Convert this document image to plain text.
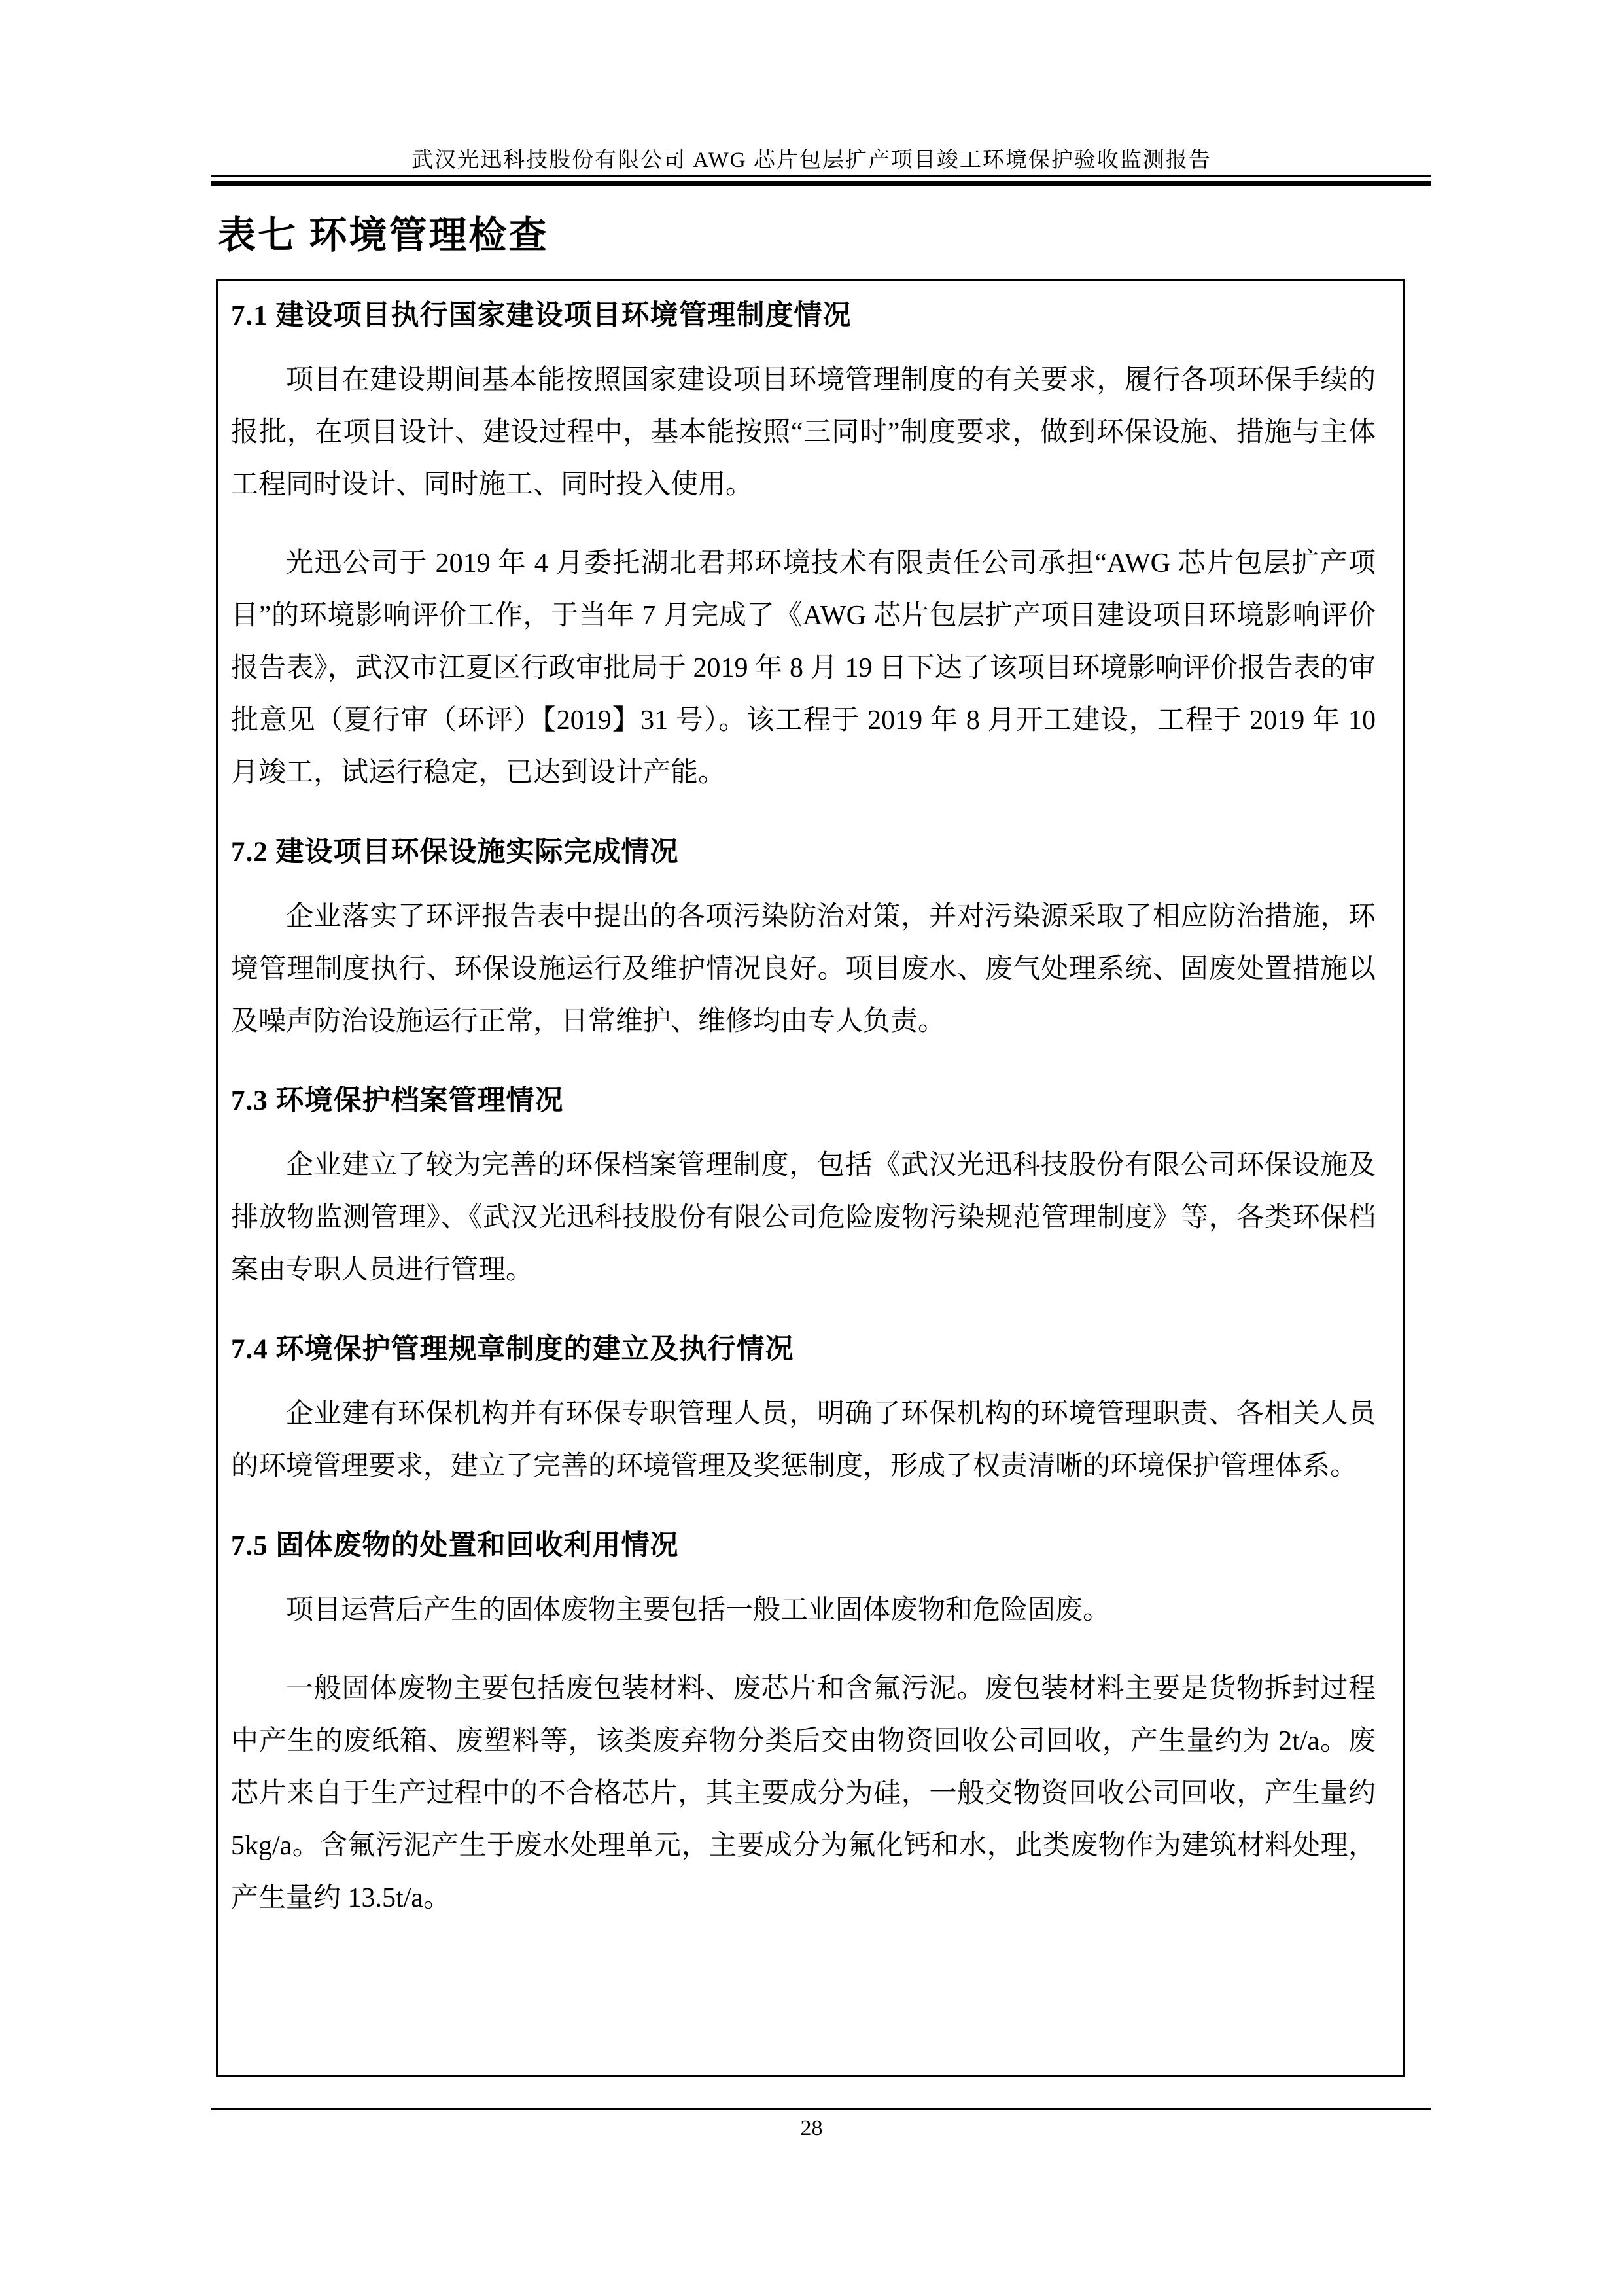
武汉光迅科技股份有限公司 AWG 芯片包层扩产项目竣工环境保护验收监测报告
表七 环境管理检查
7.1 建设项目执行国家建设项目环境管理制度情况

项目在建设期间基本能按照国家建设项目环境管理制度的有关要求，履行各项环保手续的报批，在项目设计、建设过程中，基本能按照“三同时”制度要求，做到环保设施、措施与主体工程同时设计、同时施工、同时投入使用。

光迅公司于 2019 年 4 月委托湖北君邦环境技术有限责任公司承担“AWG 芯片包层扩产项目”的环境影响评价工作，于当年 7 月完成了《AWG 芯片包层扩产项目建设项目环境影响评价报告表》，武汉市江夏区行政审批局于 2019 年 8 月 19 日下达了该项目环境影响评价报告表的审批意见（夏行审（环评）【2019】31 号）。该工程于 2019 年 8 月开工建设，工程于 2019 年 10 月竣工，试运行稳定，已达到设计产能。

7.2 建设项目环保设施实际完成情况

企业落实了环评报告表中提出的各项污染防治对策，并对污染源采取了相应防治措施，环境管理制度执行、环保设施运行及维护情况良好。项目废水、废气处理系统、固废处置措施以及噪声防治设施运行正常，日常维护、维修均由专人负责。

7.3 环境保护档案管理情况

企业建立了较为完善的环保档案管理制度，包括《武汉光迅科技股份有限公司环保设施及排放物监测管理》、《武汉光迅科技股份有限公司危险废物污染规范管理制度》等，各类环保档案由专职人员进行管理。

7.4 环境保护管理规章制度的建立及执行情况

企业建有环保机构并有环保专职管理人员，明确了环保机构的环境管理职责、各相关人员的环境管理要求，建立了完善的环境管理及奖惩制度，形成了权责清晰的环境保护管理体系。

7.5 固体废物的处置和回收利用情况

项目运营后产生的固体废物主要包括一般工业固体废物和危险固废。

一般固体废物主要包括废包装材料、废芯片和含氟污泥。废包装材料主要是货物拆封过程中产生的废纸箱、废塑料等，该类废弃物分类后交由物资回收公司回收，产生量约为 2t/a。废芯片来自于生产过程中的不合格芯片，其主要成分为硅，一般交物资回收公司回收，产生量约 5kg/a。含氟污泥产生于废水处理单元，主要成分为氟化钙和水，此类废物作为建筑材料处理，产生量约 13.5t/a。

28
